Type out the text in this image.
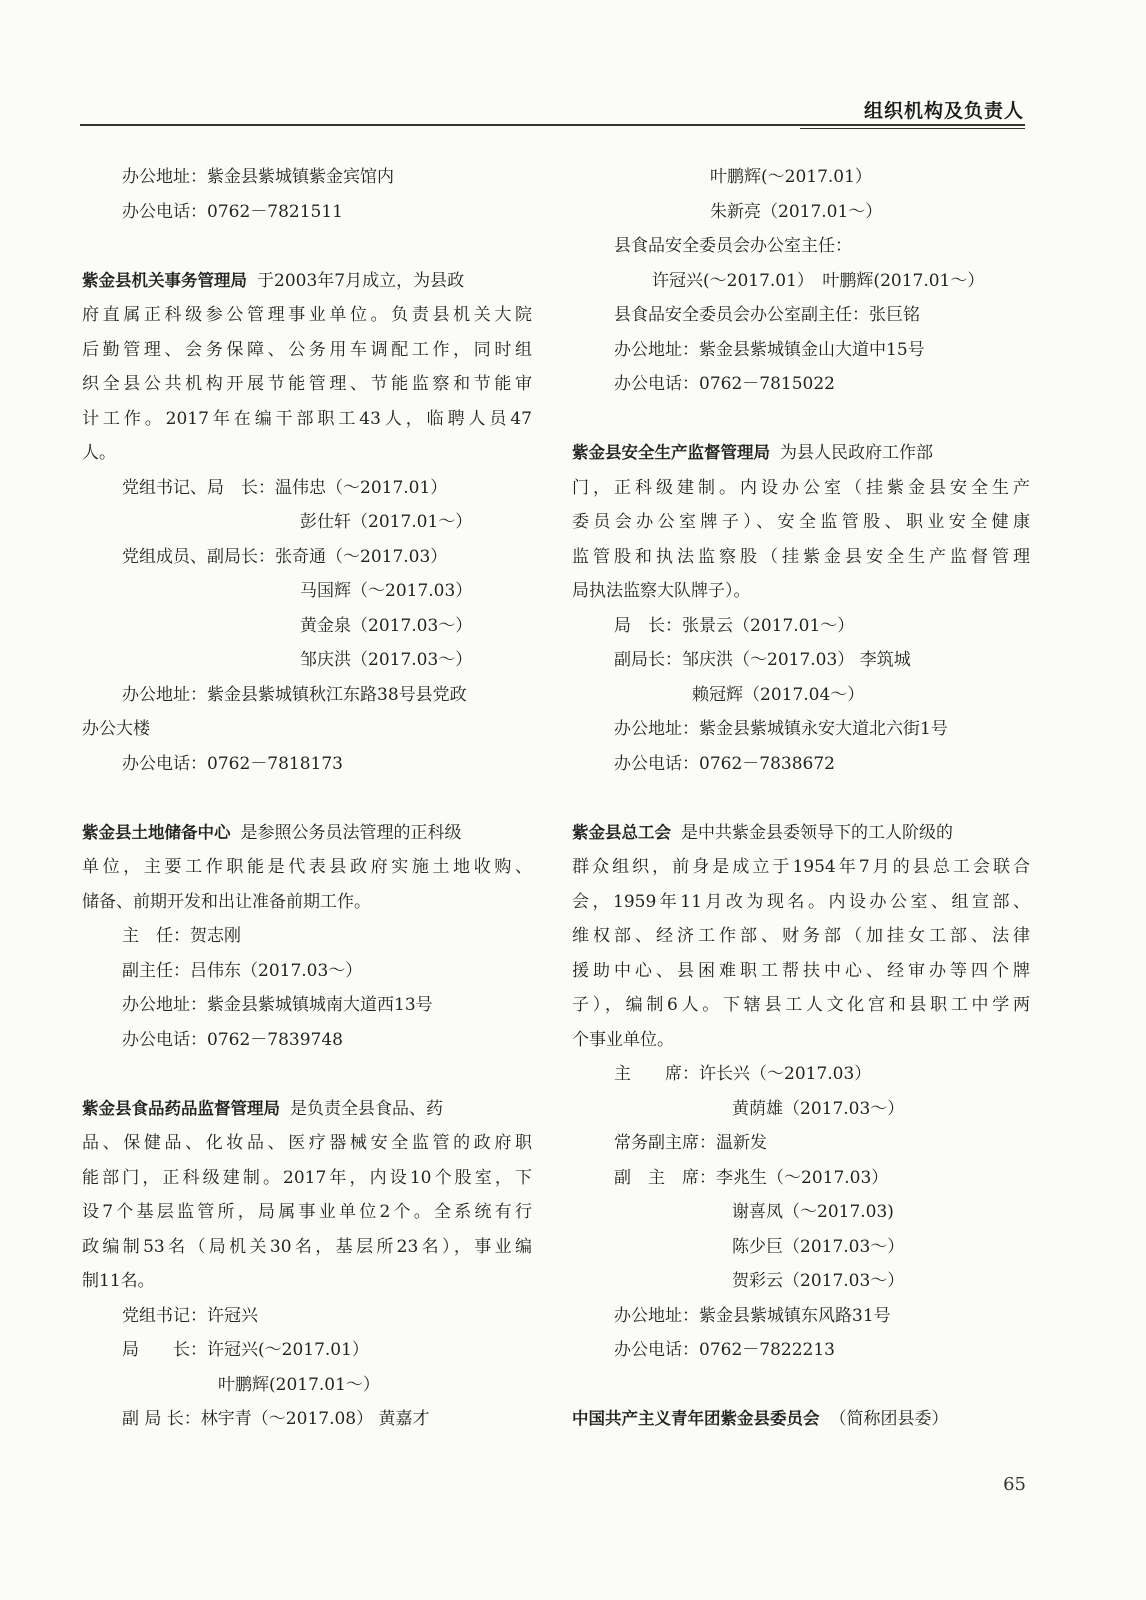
组织机构及负责人
办公地址：紫金县紫城镇紫金宾馆内
办公电话：0762－7821511
紫金县机关事务管理局 于2003年7月成立，为县政
府直属正科级参公管理事业单位。负责县机关大院
后勤管理、会务保障、公务用车调配工作，同时组
织全县公共机构开展节能管理、节能监察和节能审
计工作。2017年在编干部职工43人，临聘人员47
人。
党组书记、局　长：温伟忠（～2017.01）
彭仕轩（2017.01～）
党组成员、副局长：张奇通（～2017.03）
马国辉（～2017.03）
黄金泉（2017.03～）
邹庆洪（2017.03～）
办公地址：紫金县紫城镇秋江东路38号县党政
办公大楼
办公电话：0762－7818173
紫金县土地储备中心 是参照公务员法管理的正科级
单位，主要工作职能是代表县政府实施土地收购、
储备、前期开发和出让准备前期工作。
主　任：贺志刚
副主任：吕伟东（2017.03～）
办公地址：紫金县紫城镇城南大道西13号
办公电话：0762－7839748
紫金县食品药品监督管理局 是负责全县食品、药
品、保健品、化妆品、医疗器械安全监管的政府职
能部门，正科级建制。2017年，内设10个股室，下
设7个基层监管所，局属事业单位2个。全系统有行
政编制53名（局机关30名，基层所23名），事业编
制11名。
党组书记：许冠兴
局　　长：许冠兴(～2017.01）
叶鹏辉(2017.01～）
副 局 长：林宇青（～2017.08） 黄嘉才
叶鹏辉(～2017.01）
朱新亮（2017.01～）
县食品安全委员会办公室主任：
许冠兴(～2017.01）　叶鹏辉(2017.01～）
县食品安全委员会办公室副主任：张巨铭
办公地址：紫金县紫城镇金山大道中15号
办公电话：0762－7815022
紫金县安全生产监督管理局 为县人民政府工作部
门，正科级建制。内设办公室（挂紫金县安全生产
委员会办公室牌子）、安全监管股、职业安全健康
监管股和执法监察股（挂紫金县安全生产监督管理
局执法监察大队牌子）。
局　长：张景云（2017.01～）
副局长：邹庆洪（～2017.03） 李筑城
赖冠辉（2017.04～）
办公地址：紫金县紫城镇永安大道北六街1号
办公电话：0762－7838672
紫金县总工会 是中共紫金县委领导下的工人阶级的
群众组织，前身是成立于1954年7月的县总工会联合
会，1959年11月改为现名。内设办公室、组宣部、
维权部、经济工作部、财务部（加挂女工部、法律
援助中心、县困难职工帮扶中心、经审办等四个牌
子），编制6人。下辖县工人文化宫和县职工中学两
个事业单位。
主　　席：许长兴（～2017.03）
黄荫雄（2017.03～）
常务副主席：温新发
副　主　席：李兆生（～2017.03）
谢喜凤（～2017.03)
陈少巨（2017.03～）
贺彩云（2017.03～）
办公地址：紫金县紫城镇东风路31号
办公电话：0762－7822213
中国共产主义青年团紫金县委员会 （简称团县委）
65
